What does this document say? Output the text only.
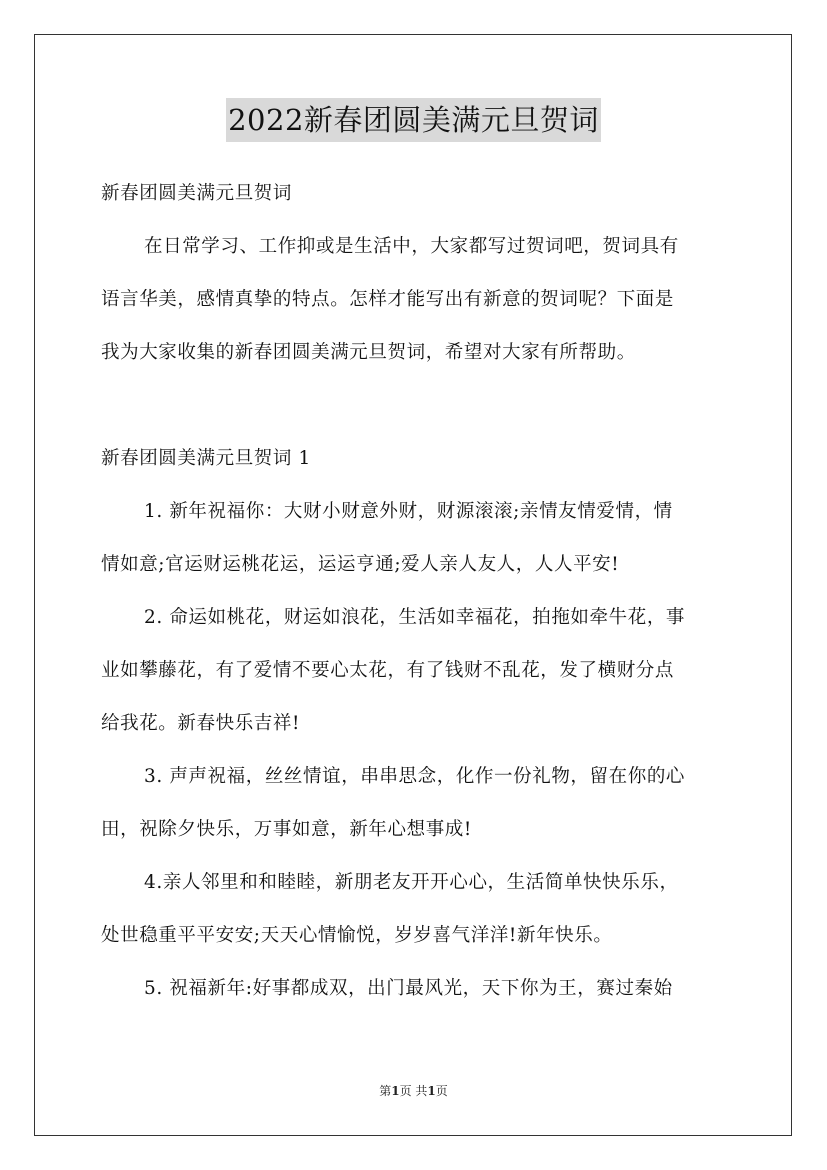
2022新春团圆美满元旦贺词
新春团圆美满元旦贺词
在日常学习、工作抑或是生活中，大家都写过贺词吧，贺词具有
语言华美，感情真挚的特点。怎样才能写出有新意的贺词呢？下面是
我为大家收集的新春团圆美满元旦贺词，希望对大家有所帮助。
新春团圆美满元旦贺词 1
1. 新年祝福你：大财小财意外财，财源滚滚;亲情友情爱情，情
情如意;官运财运桃花运，运运亨通;爱人亲人友人，人人平安!
2. 命运如桃花，财运如浪花，生活如幸福花，拍拖如牵牛花，事
业如攀藤花，有了爱情不要心太花，有了钱财不乱花，发了横财分点
给我花。新春快乐吉祥!
3. 声声祝福，丝丝情谊，串串思念，化作一份礼物，留在你的心
田，祝除夕快乐，万事如意，新年心想事成!
4.亲人邻里和和睦睦，新朋老友开开心心，生活简单快快乐乐，
处世稳重平平安安;天天心情愉悦，岁岁喜气洋洋!新年快乐。
5. 祝福新年:好事都成双，出门最风光，天下你为王，赛过秦始
第1页 共1页
